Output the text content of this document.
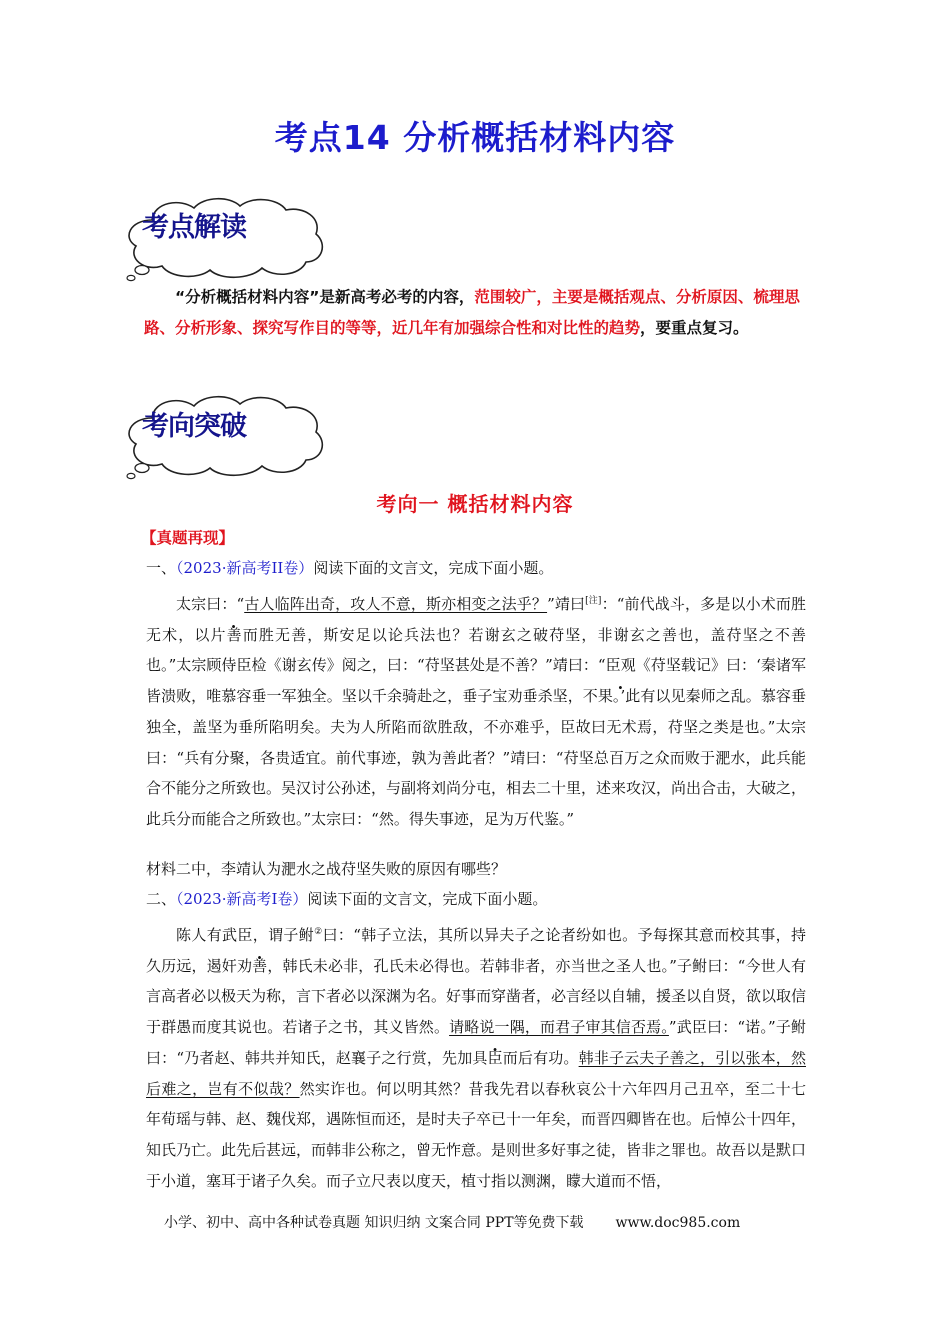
考点14 分析概括材料内容
考点解读
“分析概括材料内容”是新高考必考的内容，范围较广，主要是概括观点、分析原因、梳理思路、分析形象、探究写作目的等等，近几年有加强综合性和对比性的趋势，要重点复习。
考向突破
考向一 概括材料内容
【真题再现】
一、（2023·新高考II卷）阅读下面的文言文，完成下面小题。

太宗曰：“古人临阵出奇，攻人不意，斯亦相变之法乎？”靖曰[注]：“前代战斗，多是以小术而胜无术，以片善而胜无善，斯安足以论兵法也？若谢玄之破苻坚，非谢玄之善也，盖苻坚之不善也。”太宗顾侍臣检《谢玄传》阅之，曰：“苻坚甚处是不善？”靖曰：“臣观《苻坚载记》曰：‘秦诸军皆溃败，唯慕容垂一军独全。坚以千余骑赴之，垂子宝劝垂杀坚，不果。’此有以见秦师之乱。慕容垂独全，盖坚为垂所陷明矣。夫为人所陷而欲胜敌，不亦难乎，臣故曰无术焉，苻坚之类是也。”太宗曰：“兵有分聚，各贵适宜。前代事迹，孰为善此者？”靖曰：“苻坚总百万之众而败于淝水，此兵能合不能分之所致也。吴汉讨公孙述，与副将刘尚分屯，相去二十里，述来攻汉，尚出合击，大破之，此兵分而能合之所致也。”太宗曰：“然。得失事迹，足为万代鉴。”

材料二中，李靖认为淝水之战苻坚失败的原因有哪些？
二、（2023·新高考I卷）阅读下面的文言文，完成下面小题。

陈人有武臣，谓子鲋②曰：“韩子立法，其所以异夫子之论者纷如也。予每探其意而校其事，持久历远，遏奸劝善，韩氏未必非，孔氏未必得也。若韩非者，亦当世之圣人也。”子鲋曰：“今世人有言高者必以极天为称，言下者必以深渊为名。好事而穿凿者，必言经以自辅，援圣以自贤，欲以取信于群愚而度其说也。若诸子之书，其义皆然。请略说一隅，而君子审其信否焉。”武臣曰：“诺。”子鲋曰：“乃者赵、韩共并知氏，赵襄子之行赏，先加具臣而后有功。韩非子云夫子善之，引以张本，然后难之，岂有不似哉？然实诈也。何以明其然？昔我先君以春秋哀公十六年四月己丑卒，至二十七年荀瑶与韩、赵、魏伐郑，遇陈恒而还，是时夫子卒已十一年矣，而晋四卿皆在也。后悼公十四年，知氏乃亡。此先后甚远，而韩非公称之，曾无怍意。是则世多好事之徒，皆非之罪也。故吾以是默口于小道，塞耳于诸子久矣。而子立尺表以度天，植寸指以测渊，矇大道而不悟，

小学、初中、高中各种试卷真题 知识归纳 文案合同 PPT等免费下载 www.doc985.com
